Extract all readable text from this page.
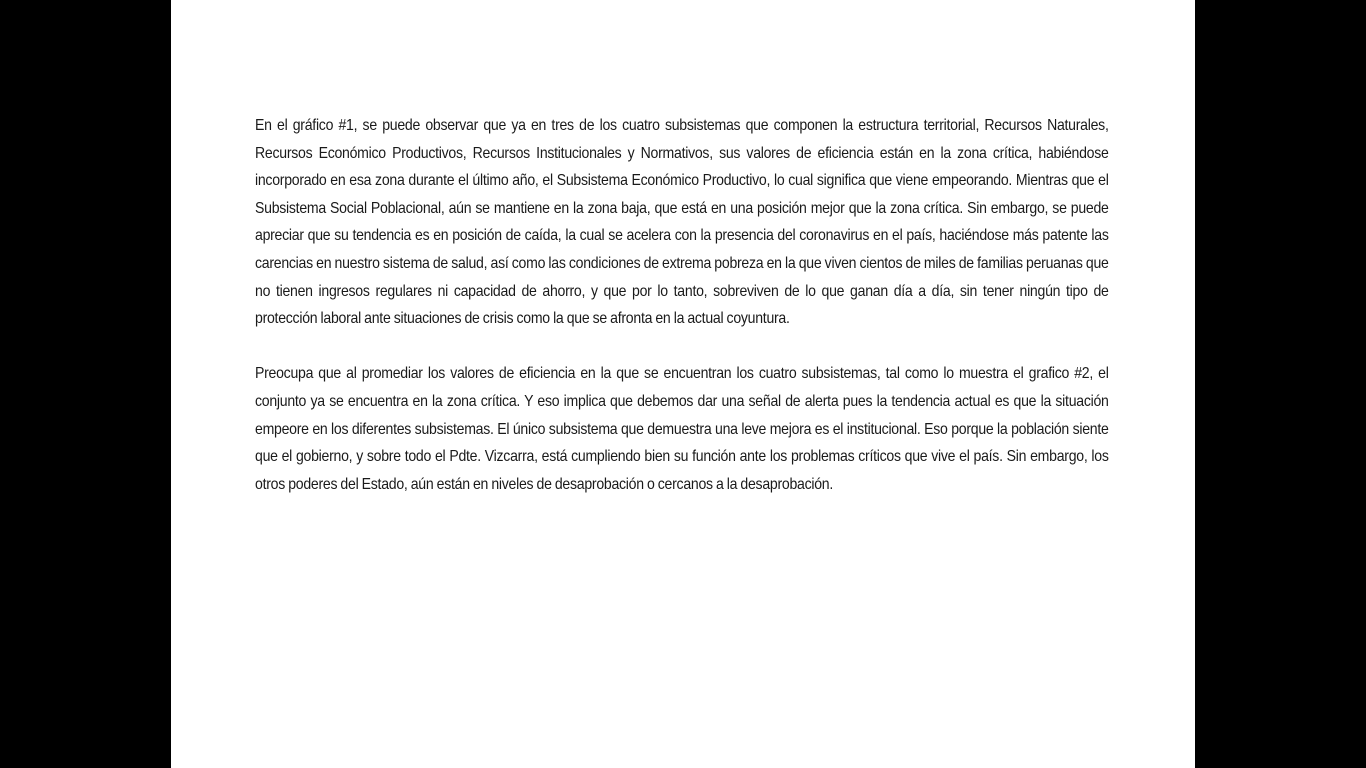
En el gráfico #1, se puede observar que ya en tres de los cuatro subsistemas que componen la estructura territorial, Recursos Naturales, Recursos Económico Productivos, Recursos Institucionales y Normativos, sus valores de eficiencia están en la zona crítica, habiéndose incorporado en esa zona durante el último año, el Subsistema Económico Productivo, lo cual significa que viene empeorando. Mientras que el Subsistema Social Poblacional, aún se mantiene en la zona baja, que está en una posición mejor que la zona crítica. Sin embargo, se puede apreciar que su tendencia es en posición de caída, la cual se acelera con la presencia del coronavirus en el país, haciéndose más patente las carencias en nuestro sistema de salud, así como las condiciones de extrema pobreza en la que viven cientos de miles de familias peruanas que no tienen ingresos regulares ni capacidad de ahorro, y que por lo tanto, sobreviven de lo que ganan día a día, sin tener ningún tipo de protección laboral ante situaciones de crisis como la que se afronta en la actual coyuntura.

Preocupa que al promediar los valores de eficiencia en la que se encuentran los cuatro subsistemas, tal como lo muestra el grafico #2, el conjunto ya se encuentra en la zona crítica. Y eso implica que debemos dar una señal de alerta pues la tendencia actual es que la situación empeore en los diferentes subsistemas. El único subsistema que demuestra una leve mejora es el institucional. Eso porque la población siente que el gobierno, y sobre todo el Pdte. Vizcarra, está cumpliendo bien su función ante los problemas críticos que vive el país. Sin embargo, los otros poderes del Estado, aún están en niveles de desaprobación o cercanos a la desaprobación.
